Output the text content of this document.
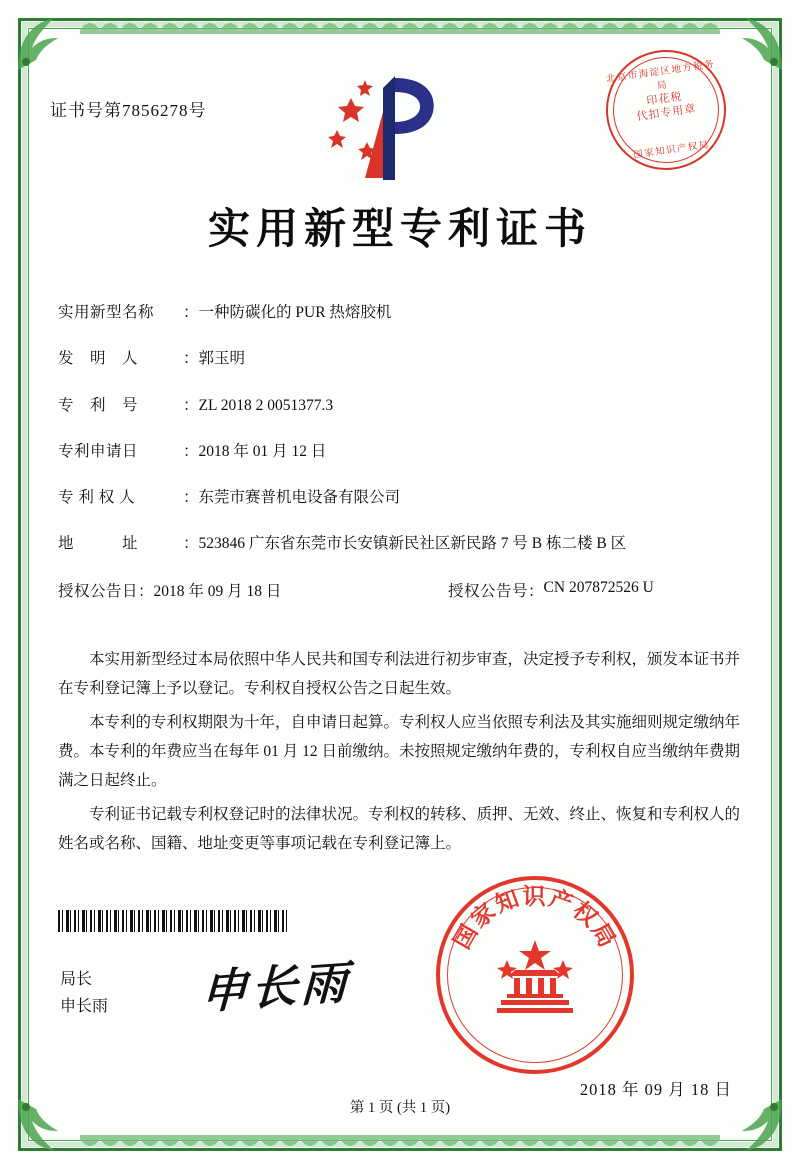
证书号第7856278号
北京市海淀区地方税务局
印花税
代扣专用章
国家知识产权局
实用新型专利证书
实用新型名称	： 一种防碳化的 PUR 热熔胶机
发　明　人	： 郭玉明
专　利　号	： ZL 2018 2 0051377.3
专利申请日	： 2018 年 01 月 12 日
专 利 权 人	： 东莞市赛普机电设备有限公司
地　　　址	： 523846 广东省东莞市长安镇新民社区新民路 7 号 B 栋二楼 B 区
授权公告日 ： 2018 年 09 月 18 日	授权公告号 ： CN 207872526 U

本实用新型经过本局依照中华人民共和国专利法进行初步审查，决定授予专利权，颁发本证书并在专利登记簿上予以登记。专利权自授权公告之日起生效。

本专利的专利权期限为十年，自申请日起算。专利权人应当依照专利法及其实施细则规定缴纳年费。本专利的年费应当在每年 01 月 12 日前缴纳。未按照规定缴纳年费的，专利权自应当缴纳年费期满之日起终止。

专利证书记载专利权登记时的法律状况。专利权的转移、质押、无效、终止、恢复和专利权人的姓名或名称、国籍、地址变更等事项记载在专利登记簿上。

局长
申长雨 申长雨
国家知识产权局
2018 年 09 月 18 日
第 1 页 (共 1 页)
